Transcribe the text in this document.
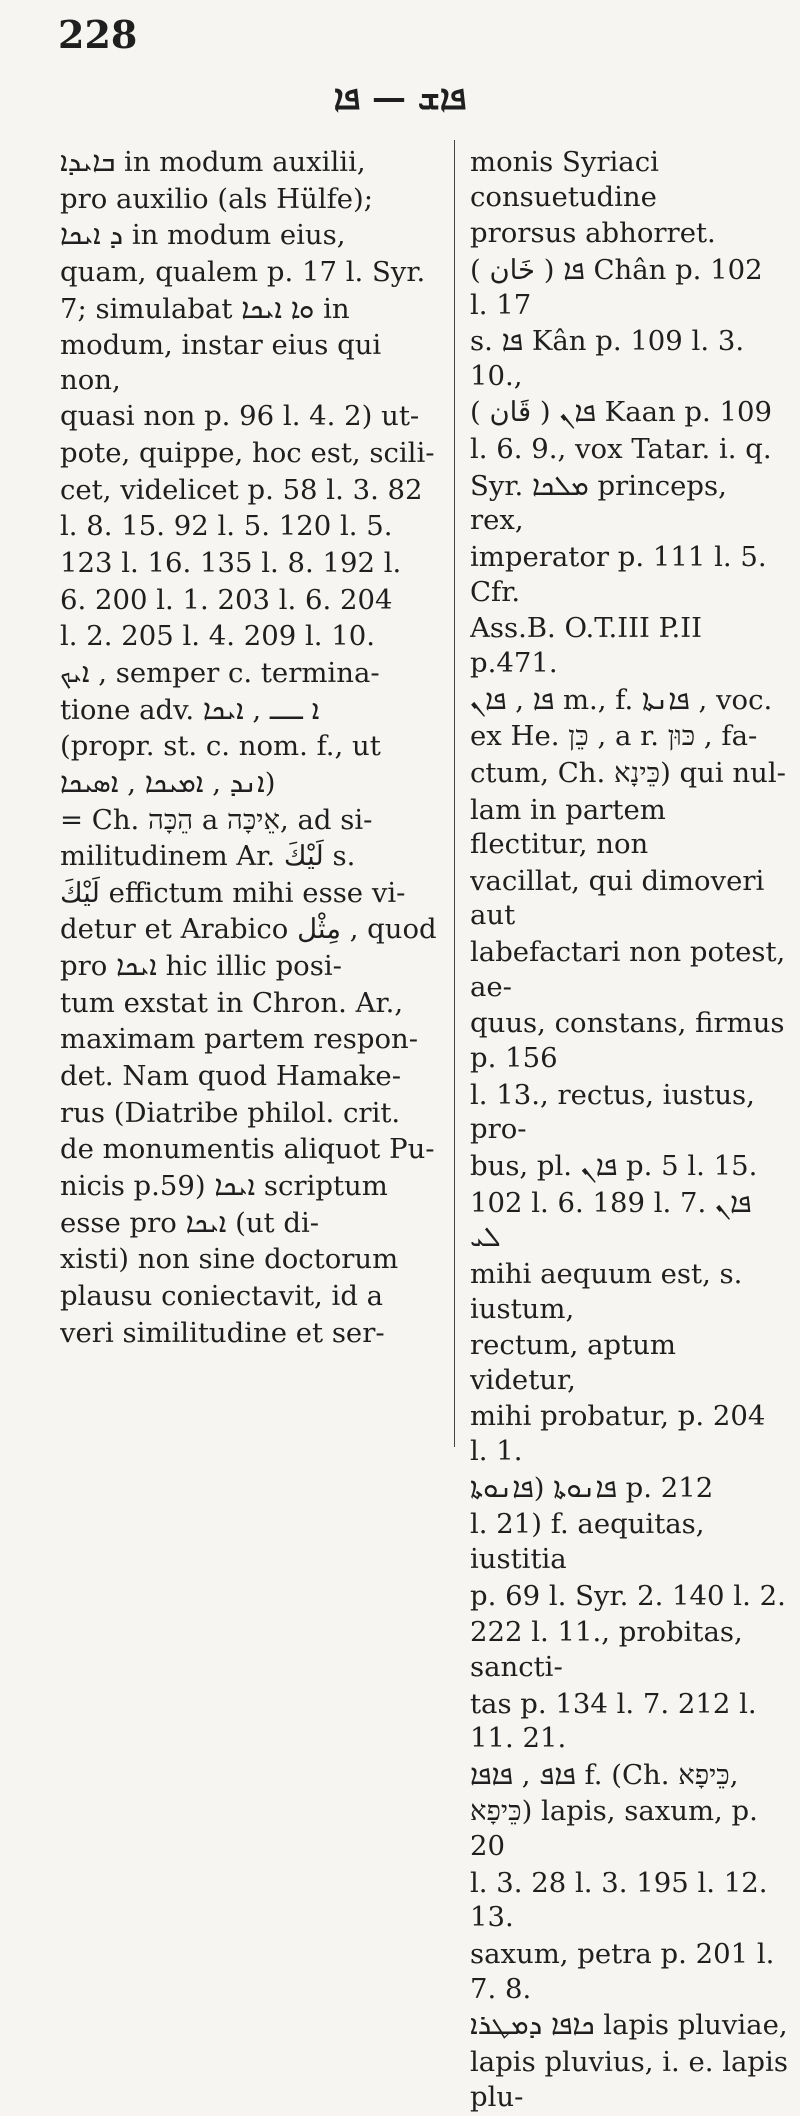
228
ܦܐܫ — ܦܐ

ܒܐܝܕܐ in modum auxilii,

pro auxilio (als Hülfe);

ܕ ܐܝܟܐ in modum eius,

quam, qualem p. 17 l. Syr.

7; simulabat ܘܐ ܐܝܟܐ in

modum, instar eius qui non,

quasi non p. 96 l. 4. 2) ut-

pote, quippe, hoc est, scili-

cet, videlicet p. 58 l. 3. 82

l. 8. 15. 92 l. 5. 120 l. 5.

123 l. 16. 135 l. 8. 192 l.

6. 200 l. 1. 203 l. 6. 204

l. 2. 205 l. 4. 209 l. 10.

ܐܝܟ , semper c. termina-

tione adv. ܐ ـــ , ܐܝܟܐ

(propr. st. c. nom. f., ut

ܐܢܕ , ܐܡܝܟܐ , ܐܣܝܟܐ)

= Ch. הֵכָּה a אֵיכָּה, ad si-

militudinem Ar. لَيْكَ s.

لَيْكَ effictum mihi esse vi-

detur et Arabico مِثْل , quod

pro ܐܝܟܐ hic illic posi-

tum exstat in Chron. Ar.,

maximam partem respon-

det. Nam quod Hamake-

rus (Diatribe philol. crit.

de monumentis aliquot Pu-

nicis p.59) ܐܝܟܐ scriptum

esse pro ܐܝܟܐ (ut di-

xisti) non sine doctorum

plausu coniectavit, id a

veri similitudine et ser-

monis Syriaci consuetudine

prorsus abhorret.

ܦܐ ( خَان ) Chân p. 102 l. 17

s. ܦܐ Kân p. 109 l. 3. 10.,

ܦܐܢ ( قَان ) Kaan p. 109

l. 6. 9., vox Tatar. i. q.

Syr. ܡܠܟܐ princeps, rex,

imperator p. 111 l. 5. Cfr.

Ass.B. O.T.III P.II p.471.

ܦܐ , ܦܐܢ m., f. ܦܐܢܬܐ , voc.

ex He. כֵּן , a r. כּוּן , fa-

ctum, Ch. כֵּינָא) qui nul-

lam in partem flectitur, non

vacillat, qui dimoveri aut

labefactari non potest, ae-

quus, constans, firmus p. 156

l. 13., rectus, iustus, pro-

bus, pl. ܦܐܢ p. 5 l. 15.

102 l. 6. 189 l. 7. ܦܐܢ ܠܝ

mihi aequum est, s. iustum,

rectum, aptum videtur,

mihi probatur, p. 204 l. 1.

ܦܐܢܘܬܐ (ܦܐܢܘܬܐ p. 212

l. 21) f. aequitas, iustitia

p. 69 l. Syr. 2. 140 l. 2.

222 l. 11., probitas, sancti-

tas p. 134 l. 7. 212 l. 11. 21.

ܦܐܦ , ܦܐܦܐ f. (Ch. כֵּיפָא,

כֵּיפָא) lapis, saxum, p. 20

l. 3. 28 l. 3. 195 l. 12. 13.

saxum, petra p. 201 l. 7. 8.

ܟܐܦܐ ܕܡܛܪܐ lapis pluviae,

lapis pluvius, i. e. lapis plu-
